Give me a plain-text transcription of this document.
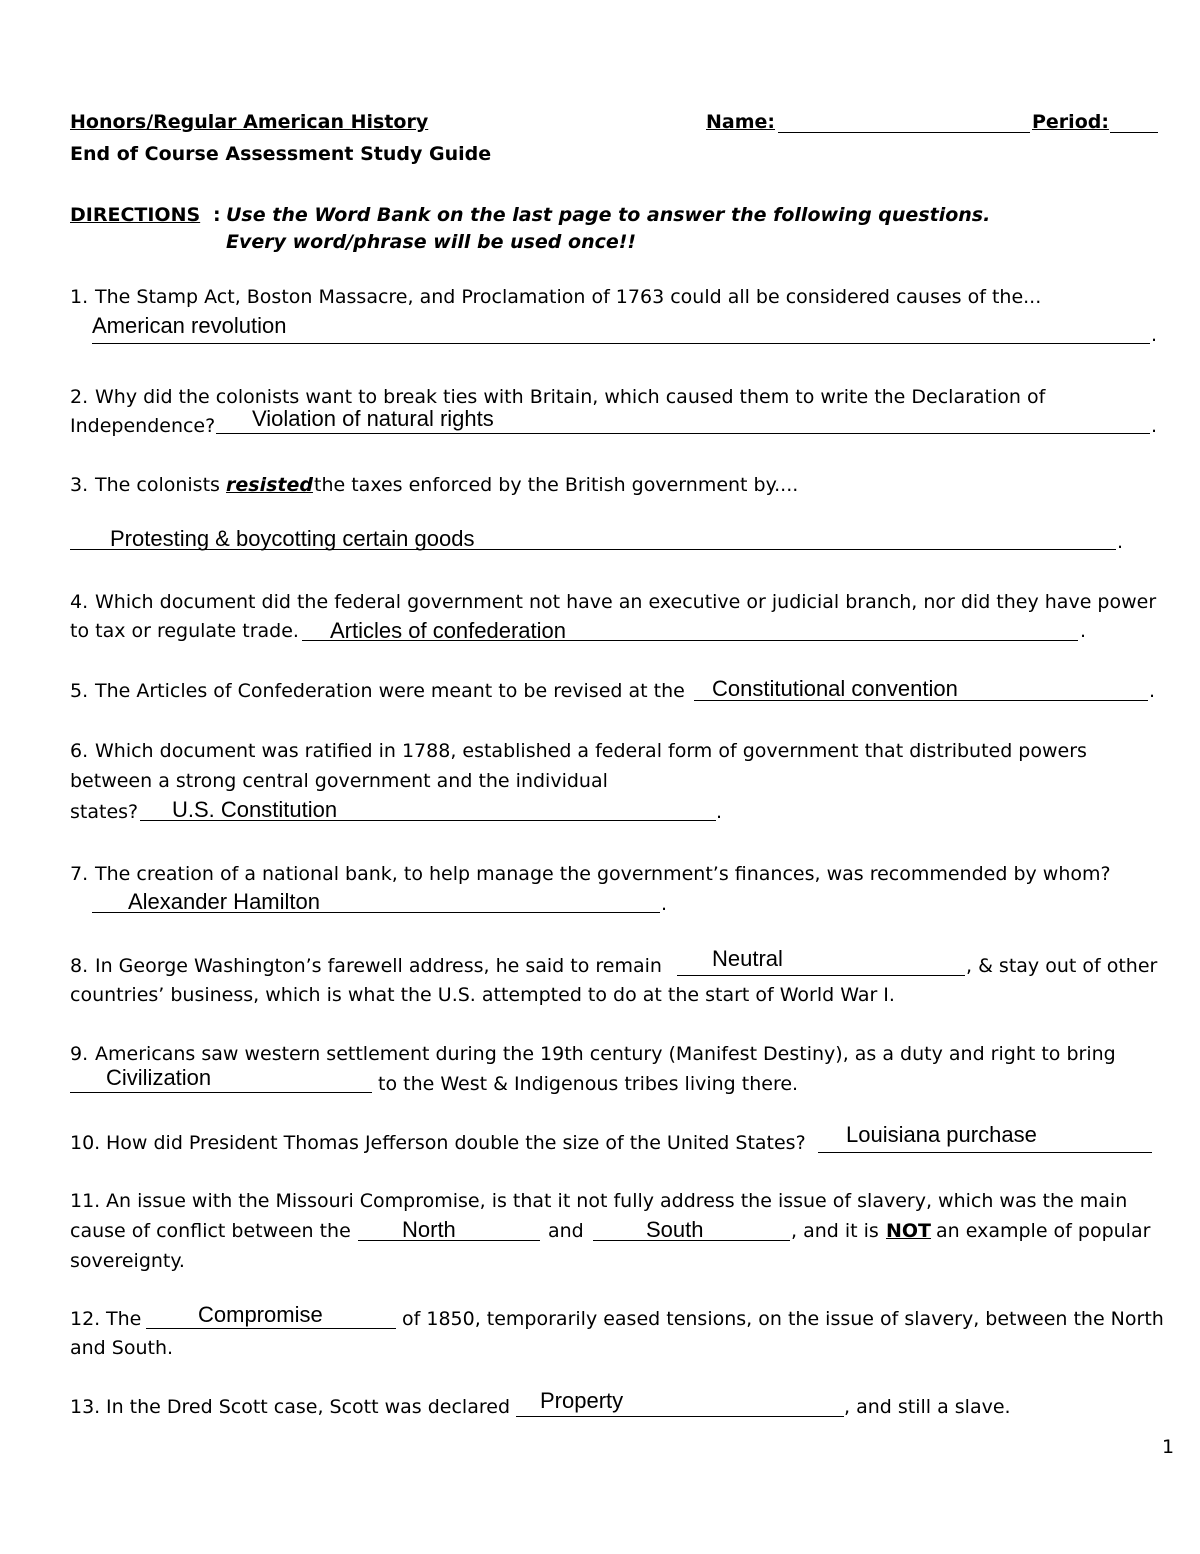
Honors/Regular American History	Name:	Period:
End of Course Assessment Study Guide
DIRECTIONS : Use the Word Bank on the last page to answer the following questions.
Every word/phrase will be used once!!
1. The Stamp Act, Boston Massacre, and Proclamation of 1763 could all be considered causes of the...
American revolution	.
2. Why did the colonists want to break ties with Britain, which caused them to write the Declaration of
Independence? Violation of natural rights	.
3. The colonists resisted the taxes enforced by the British government by....
Protesting & boycotting certain goods	.
4. Which document did the federal government not have an executive or judicial branch, nor did they have power
to tax or regulate trade. Articles of confederation	.
5. The Articles of Confederation were meant to be revised at the Constitutional convention	.
6. Which document was ratified in 1788, established a federal form of government that distributed powers
between a strong central government and the individual
states? U.S. Constitution	.
7. The creation of a national bank, to help manage the government’s finances, was recommended by whom?
Alexander Hamilton	.
8. In George Washington’s farewell address, he said to remain Neutral	, & stay out of other
countries’ business, which is what the U.S. attempted to do at the start of World War I.
9. Americans saw western settlement during the 19th century (Manifest Destiny), as a duty and right to bring
Civilization	to the West & Indigenous tribes living there.
10. How did President Thomas Jefferson double the size of the United States? Louisiana purchase
11. An issue with the Missouri Compromise, is that it not fully address the issue of slavery, which was the main
cause of conflict between the North	and	South	, and it is NOT an example of popular
sovereignty.
12. The	Compromise	of 1850, temporarily eased tensions, on the issue of slavery, between the North
and South.
13. In the Dred Scott case, Scott was declared Property	, and still a slave.
1
